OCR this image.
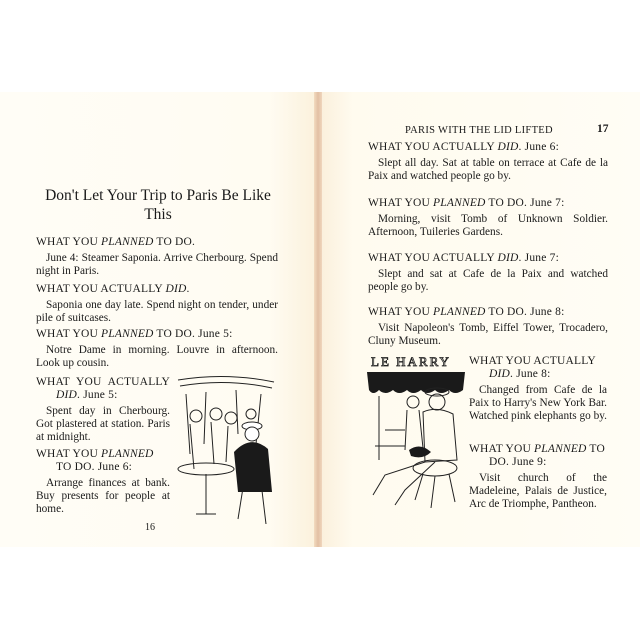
Don't Let Your Trip to Paris Be Like This
WHAT YOU PLANNED TO DO.
June 4: Steamer Saponia. Arrive Cherbourg. Spend night in Paris.
WHAT YOU ACTUALLY DID.
Saponia one day late. Spend night on tender, under pile of suitcases.
WHAT YOU PLANNED TO DO. June 5:
Notre Dame in morning. Louvre in afternoon. Look up cousin.
WHAT YOU ACTUALLY DID. June 5:
Spent day in Cherbourg. Got plastered at station. Paris at midnight.
WHAT YOU PLANNED TO DO. June 6:
Arrange finances at bank. Buy presents for people at home.
16
PARIS WITH THE LID LIFTED	17
WHAT YOU ACTUALLY DID. June 6:
Slept all day. Sat at table on terrace at Cafe de la Paix and watched people go by.
WHAT YOU PLANNED TO DO. June 7:
Morning, visit Tomb of Unknown Soldier. Afternoon, Tuileries Gardens.
WHAT YOU ACTUALLY DID. June 7:
Slept and sat at Cafe de la Paix and watched people go by.
WHAT YOU PLANNED TO DO. June 8:
Visit Napoleon's Tomb, Eiffel Tower, Trocadero, Cluny Museum.
WHAT YOU ACTUALLY DID. June 8:
Changed from Cafe de la Paix to Harry's New York Bar. Watched pink elephants go by.
WHAT YOU PLANNED TO DO. June 9:
Visit church of the Madeleine, Palais de Justice, Arc de Triomphe, Pantheon.
LE HARRY
